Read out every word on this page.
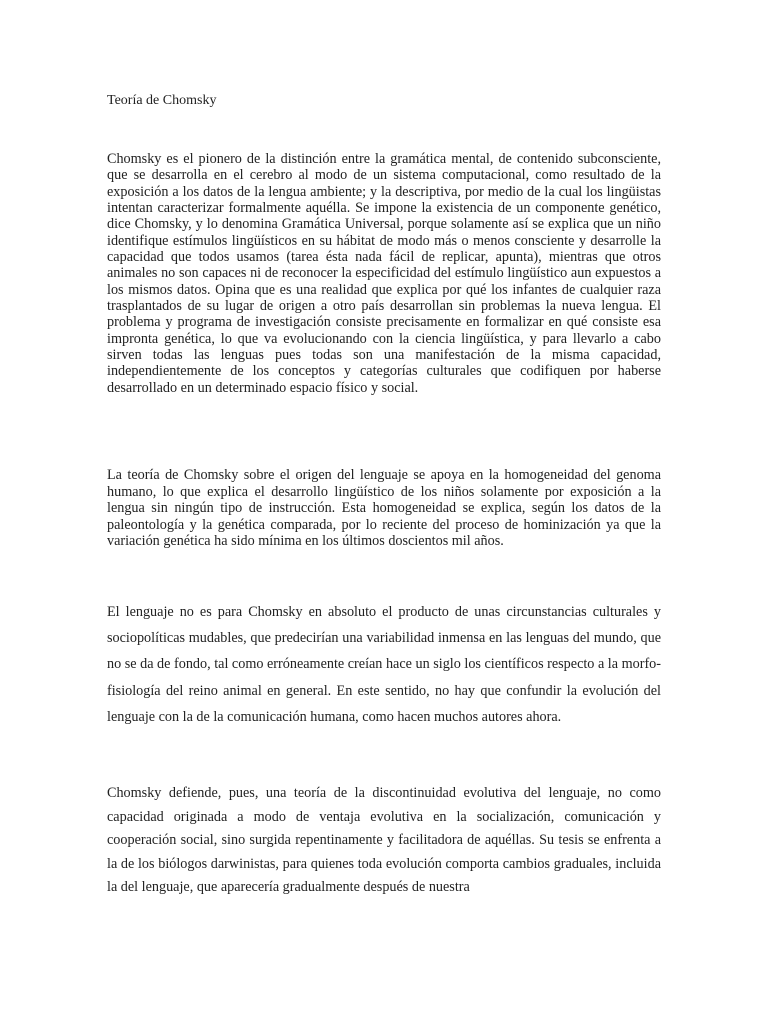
Teoría de Chomsky

Chomsky es el pionero de la distinción entre la gramática mental, de contenido subconsciente, que se desarrolla en el cerebro al modo de un sistema computacional, como resultado de la exposición a los datos de la lengua ambiente; y la descriptiva, por medio de la cual los lingüistas intentan caracterizar formalmente aquélla. Se impone la existencia de un componente genético, dice Chomsky, y lo denomina Gramática Universal, porque solamente así se explica que un niño identifique estímulos lingüísticos en su hábitat de modo más o menos consciente y desarrolle la capacidad que todos usamos (tarea ésta nada fácil de replicar, apunta), mientras que otros animales no son capaces ni de reconocer la especificidad del estímulo lingüístico aun expuestos a los mismos datos. Opina que es una realidad que explica por qué los infantes de cualquier raza trasplantados de su lugar de origen a otro país desarrollan sin problemas la nueva lengua. El problema y programa de investigación consiste precisamente en formalizar en qué consiste esa impronta genética, lo que va evolucionando con la ciencia lingüística, y para llevarlo a cabo sirven todas las lenguas pues todas son una manifestación de la misma capacidad, independientemente de los conceptos y categorías culturales que codifiquen por haberse desarrollado en un determinado espacio físico y social.

La teoría de Chomsky sobre el origen del lenguaje se apoya en la homogeneidad del genoma humano, lo que explica el desarrollo lingüístico de los niños solamente por exposición a la lengua sin ningún tipo de instrucción. Esta homogeneidad se explica, según los datos de la paleontología y la genética comparada, por lo reciente del proceso de hominización ya que la variación genética ha sido mínima en los últimos doscientos mil años.

El lenguaje no es para Chomsky en absoluto el producto de unas circunstancias culturales y sociopolíticas mudables, que predecirían una variabilidad inmensa en las lenguas del mundo, que no se da de fondo, tal como erróneamente creían hace un siglo los científicos respecto a la morfo-fisiología del reino animal en general. En este sentido, no hay que confundir la evolución del lenguaje con la de la comunicación humana, como hacen muchos autores ahora.

Chomsky defiende, pues, una teoría de la discontinuidad evolutiva del lenguaje, no como capacidad originada a modo de ventaja evolutiva en la socialización, comunicación y cooperación social, sino surgida repentinamente y facilitadora de aquéllas. Su tesis se enfrenta a la de los biólogos darwinistas, para quienes toda evolución comporta cambios graduales, incluida la del lenguaje, que aparecería gradualmente después de nuestra
